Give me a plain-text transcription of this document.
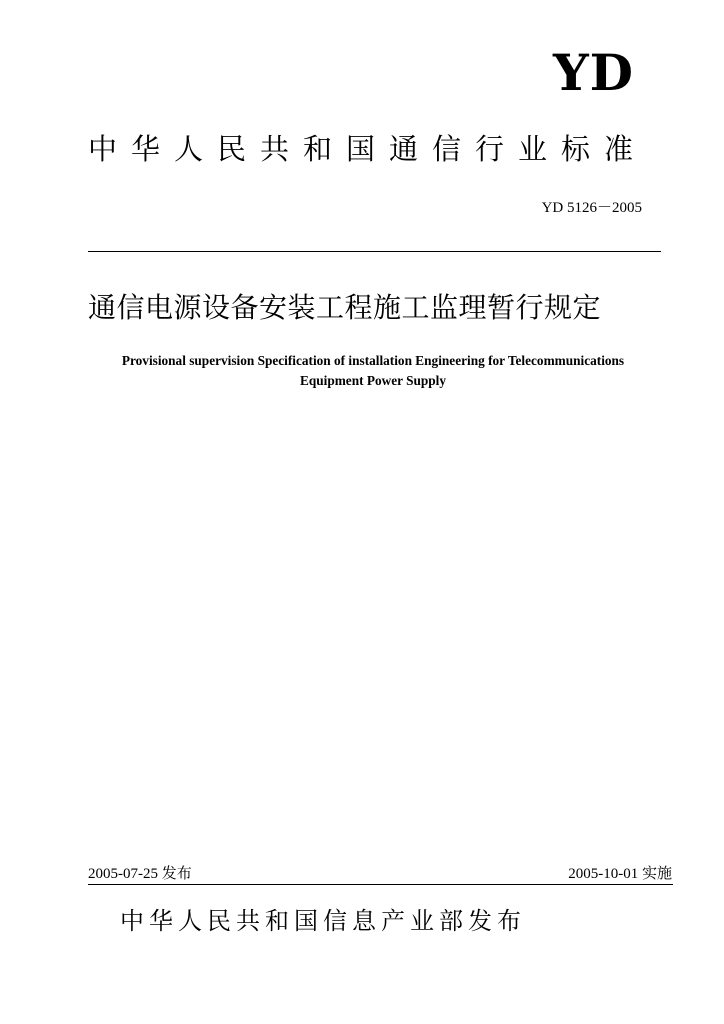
YD
中华人民共和国通信行业标准
YD 5126－2005
通信电源设备安装工程施工监理暂行规定
Provisional supervision Specification of installation Engineering for Telecommunications
Equipment Power Supply
2005-07-25 发布	2005-10-01 实施
中华人民共和国信息产业部发布
